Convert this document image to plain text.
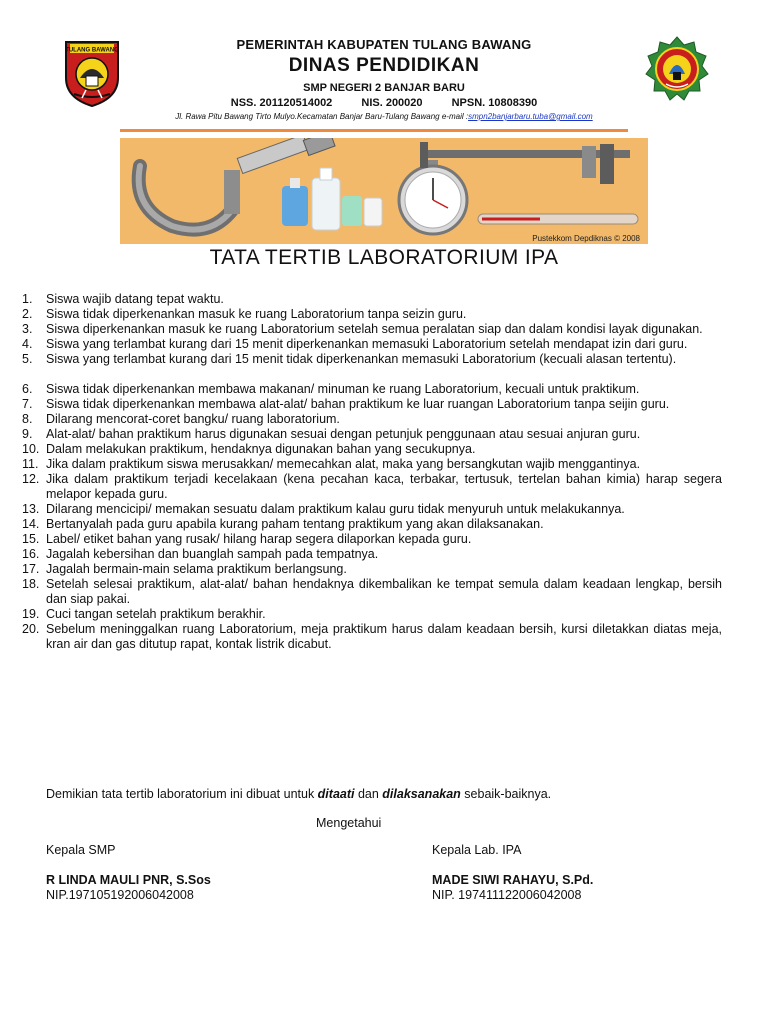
TULANG BAWANG	PEMERINTAH KABUPATEN TULANG BAWANG
DINAS PENDIDIKAN
SMP NEGERI 2 BANJAR BARU
NSS. 201120514002	NIS. 200020	NPSN. 10808390
Jl. Rawa Pitu Bawang Tirto Mulyo.Kecamatan Banjar Baru-Tulang Bawang e-mail :smpn2banjarbaru.tuba@gmail.com
Pustekkom Depdiknas © 2008
TATA TERTIB LABORATORIUM IPA
1.	Siswa wajib datang tepat waktu.
2.	Siswa tidak diperkenankan masuk ke ruang Laboratorium tanpa seizin guru.
3.	Siswa diperkenankan masuk ke ruang Laboratorium setelah semua peralatan siap dan dalam kondisi layak digunakan.
4.	Siswa yang terlambat kurang dari 15 menit diperkenankan memasuki Laboratorium setelah mendapat izin dari guru.
5.	Siswa yang terlambat kurang dari 15 menit tidak diperkenankan memasuki Laboratorium (kecuali alasan tertentu).
6.	Siswa tidak diperkenankan membawa makanan/ minuman ke ruang Laboratorium, kecuali untuk praktikum.
7.	Siswa tidak diperkenankan membawa alat-alat/ bahan praktikum ke luar ruangan Laboratorium tanpa seijin guru.
8.	Dilarang mencorat-coret bangku/ ruang laboratorium.
9.	Alat-alat/ bahan praktikum harus digunakan sesuai dengan petunjuk penggunaan atau sesuai anjuran guru.
10. Dalam melakukan praktikum, hendaknya digunakan bahan yang secukupnya.
11. Jika dalam praktikum siswa merusakkan/ memecahkan alat, maka yang bersangkutan wajib menggantinya.
12. Jika dalam praktikum terjadi kecelakaan (kena pecahan kaca, terbakar, tertusuk, tertelan bahan kimia) harap segera melapor kepada guru.
13. Dilarang mencicipi/ memakan sesuatu dalam praktikum kalau guru tidak menyuruh untuk melakukannya.
14. Bertanyalah pada guru apabila kurang paham tentang praktikum yang akan dilaksanakan.
15. Label/ etiket bahan yang rusak/ hilang harap segera dilaporkan kepada guru.
16. Jagalah kebersihan dan buanglah sampah pada tempatnya.
17. Jagalah bermain-main selama praktikum berlangsung.
18. Setelah selesai praktikum, alat-alat/ bahan hendaknya dikembalikan ke tempat semula dalam keadaan lengkap, bersih dan siap pakai.
19. Cuci tangan setelah praktikum berakhir.
20. Sebelum meninggalkan ruang Laboratorium, meja praktikum harus dalam keadaan bersih, kursi diletakkan diatas meja, kran air dan gas ditutup rapat, kontak listrik dicabut.
Demikian tata tertib laboratorium ini dibuat untuk ditaati dan dilaksanakan sebaik-baiknya.
Mengetahui
Kepala SMP
R LINDA MAULI PNR, S.Sos
NIP.197105192006042008
Kepala Lab. IPA
MADE SIWI RAHAYU, S.Pd.
NIP. 197411122006042008
